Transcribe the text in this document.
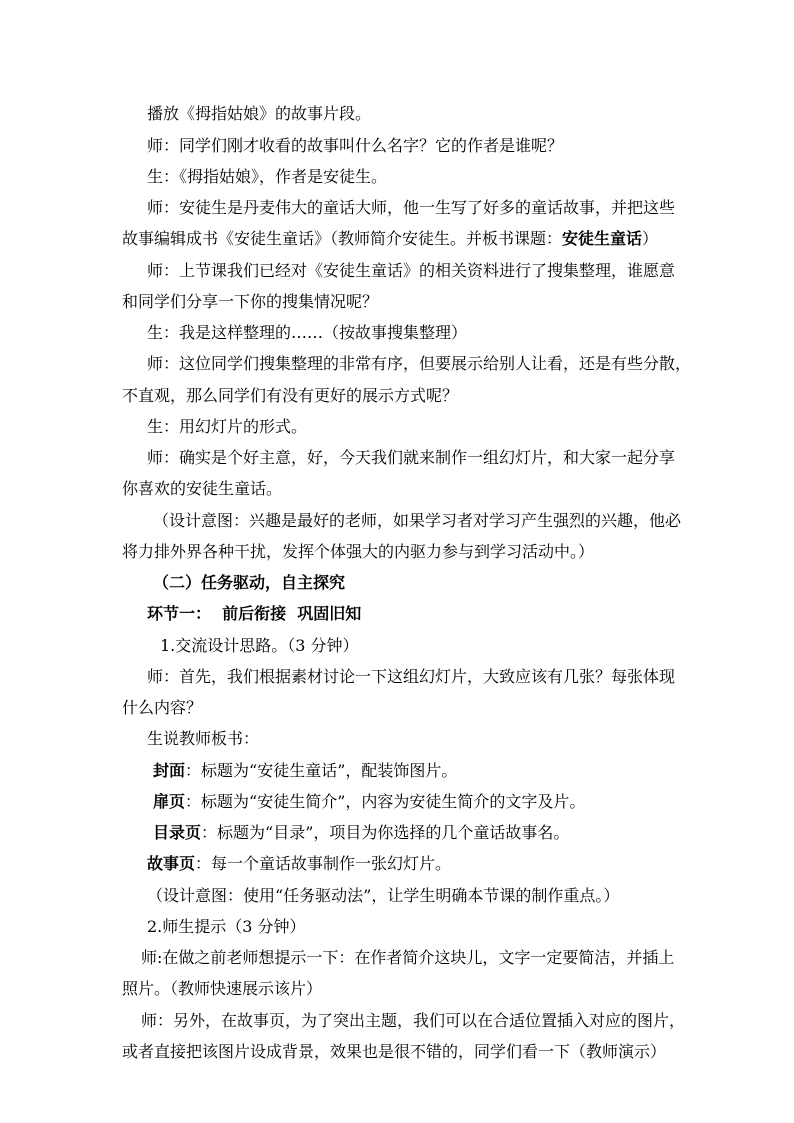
播放《拇指姑娘》的故事片段。
师：同学们刚才收看的故事叫什么名字？它的作者是谁呢？
生：《拇指姑娘》，作者是安徒生。
师：安徒生是丹麦伟大的童话大师，他一生写了好多的童话故事，并把这些
故事编辑成书《安徒生童话》（教师简介安徒生。并板书课题：安徒生童话）
师：上节课我们已经对《安徒生童话》的相关资料进行了搜集整理，谁愿意
和同学们分享一下你的搜集情况呢？
生：我是这样整理的……（按故事搜集整理）
师：这位同学们搜集整理的非常有序，但要展示给别人让看，还是有些分散，
不直观，那么同学们有没有更好的展示方式呢？
生：用幻灯片的形式。
师：确实是个好主意，好，今天我们就来制作一组幻灯片，和大家一起分享
你喜欢的安徒生童话。
（设计意图：兴趣是最好的老师，如果学习者对学习产生强烈的兴趣，他必
将力排外界各种干扰，发挥个体强大的内驱力参与到学习活动中。）
（二）任务驱动，自主探究
环节一：  前后衔接  巩固旧知
1.交流设计思路。（3 分钟）
师：首先，我们根据素材讨论一下这组幻灯片，大致应该有几张？每张体现
什么内容？
生说教师板书：
封面：标题为“安徒生童话”，配装饰图片。
扉页：标题为“安徒生简介”，内容为安徒生简介的文字及片。
目录页：标题为“目录”，项目为你选择的几个童话故事名。
故事页：每一个童话故事制作一张幻灯片。
（设计意图：使用“任务驱动法”，让学生明确本节课的制作重点。）
2.师生提示（3 分钟）
师:在做之前老师想提示一下：在作者简介这块儿，文字一定要简洁，并插上
照片。（教师快速展示该片）
师：另外，在故事页，为了突出主题，我们可以在合适位置插入对应的图片，
或者直接把该图片设成背景，效果也是很不错的，同学们看一下（教师演示）
